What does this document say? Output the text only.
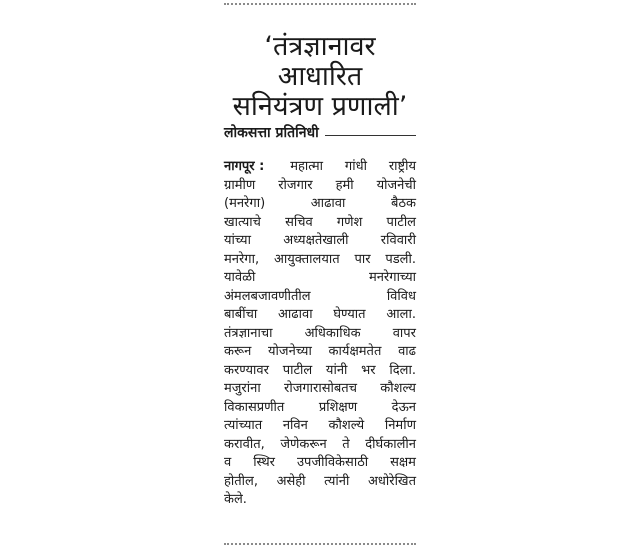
‘तंत्रज्ञानावर
आधारित
सनियंत्रण प्रणाली’
लोकसत्ता प्रतिनिधी
नागपूर : महात्मा गांधी राष्ट्रीय
ग्रामीण रोजगार हमी योजनेची
(मनरेगा)	आढावा	बैठक
खात्याचे सचिव गणेश पाटील
यांच्या अध्यक्षतेखाली रविवारी
मनरेगा, आयुक्तालयात पार पडली.
यावेळी	मनरेगाच्या
अंमलबजावणीतील	विविध
बाबींचा आढावा घेण्यात आला.
तंत्रज्ञानाचा अधिकाधिक वापर
करून योजनेच्या कार्यक्षमतेत वाढ
करण्यावर पाटील यांनी भर दिला.
मजुरांना रोजगारासोबतच कौशल्य
विकासप्रणीत	प्रशिक्षण	देऊन
त्यांच्यात नविन कौशल्ये निर्माण
करावीत, जेणेकरून ते दीर्घकालीन
व स्थिर उपजीविकेसाठी सक्षम
होतील, असेही त्यांनी अधोरेखित
केले.
